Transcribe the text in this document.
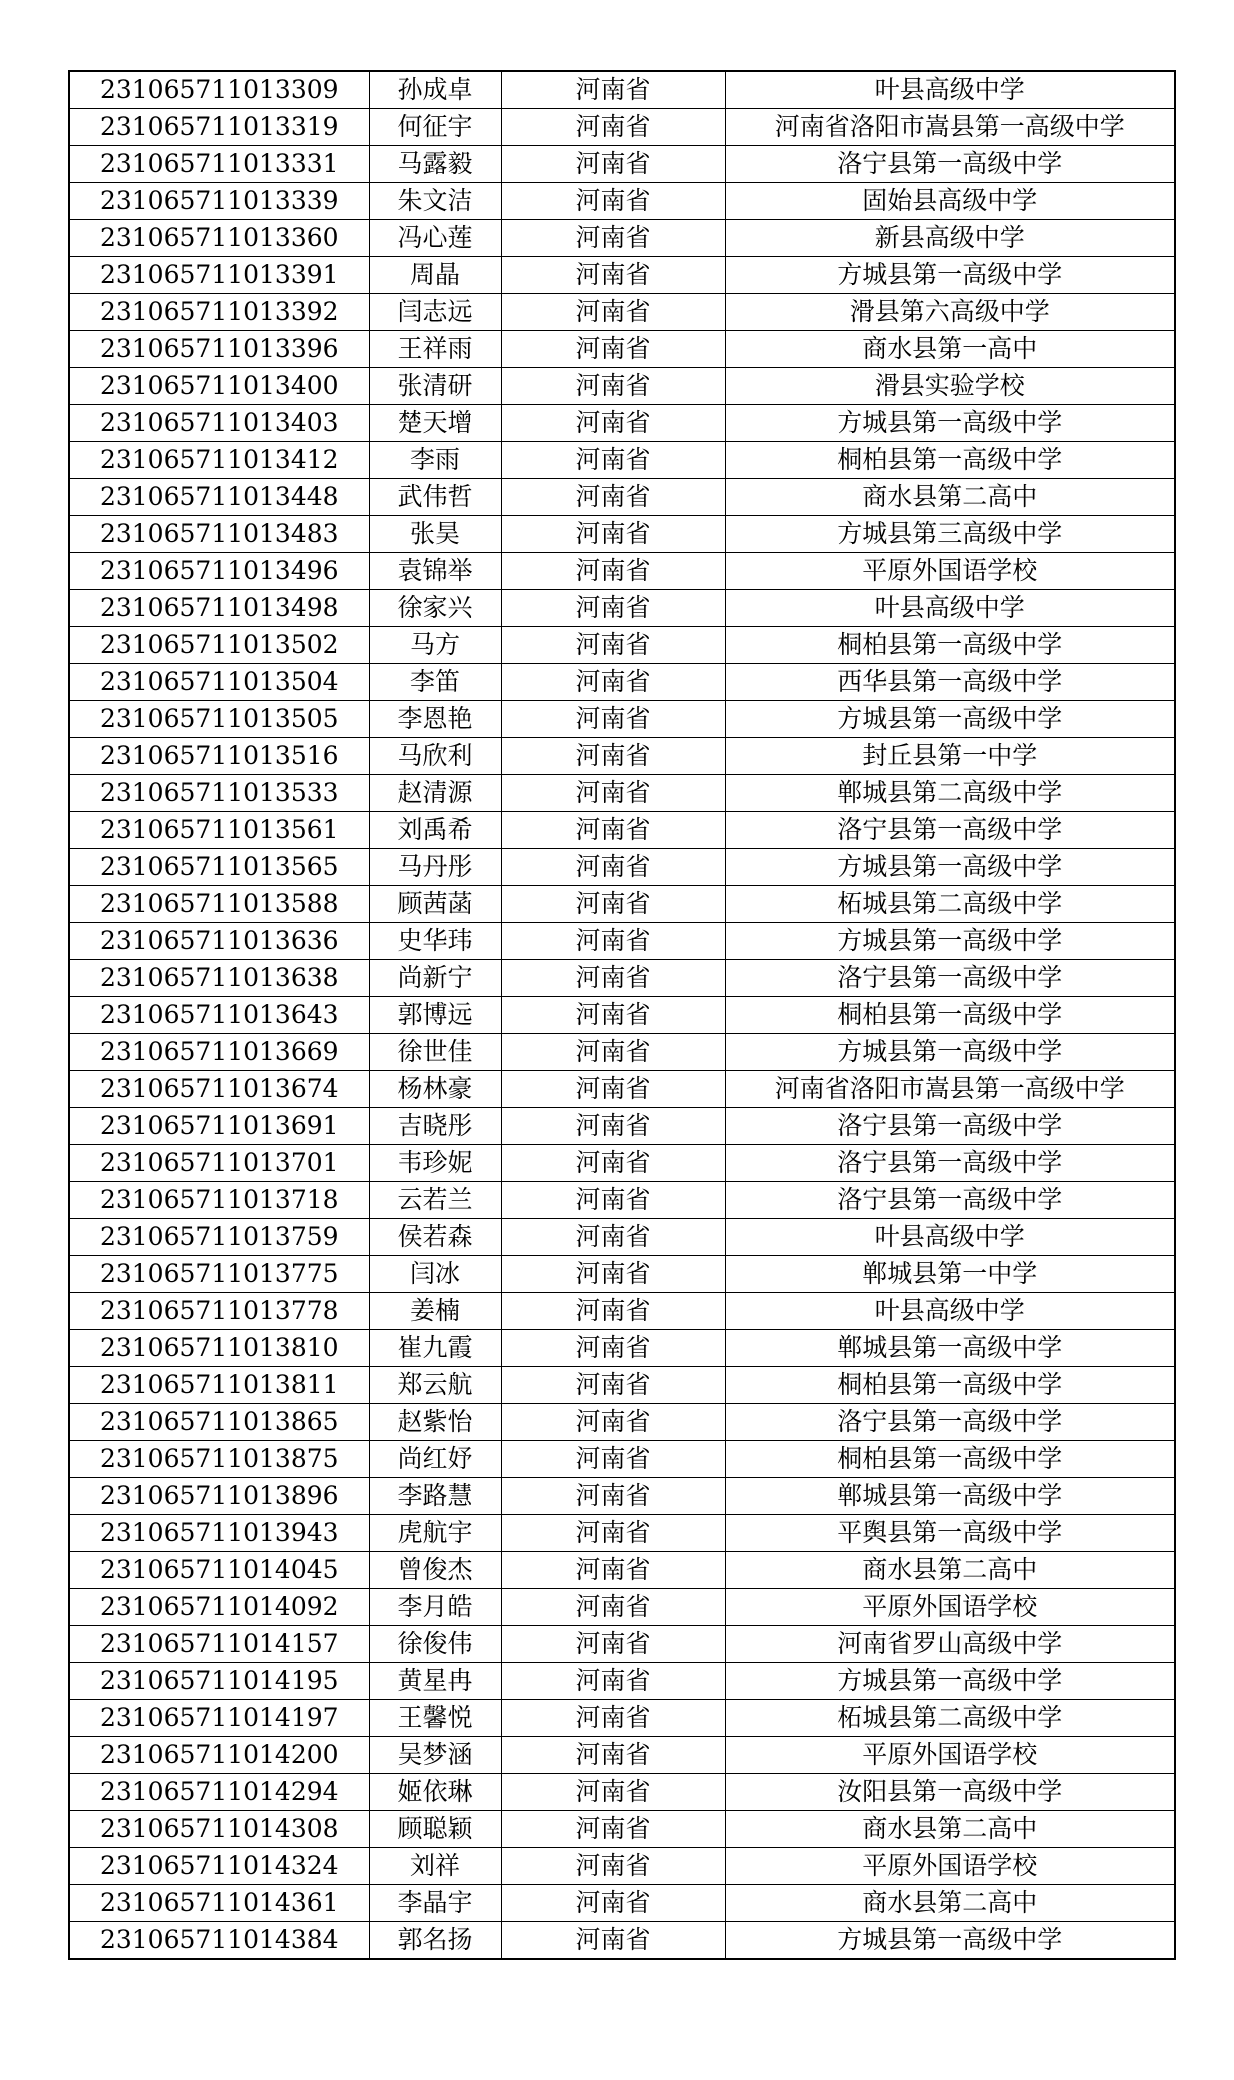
231065711013309	孙成卓	河南省	叶县高级中学
231065711013319	何征宇	河南省	河南省洛阳市嵩县第一高级中学
231065711013331	马露毅	河南省	洛宁县第一高级中学
231065711013339	朱文洁	河南省	固始县高级中学
231065711013360	冯心莲	河南省	新县高级中学
231065711013391	周晶	河南省	方城县第一高级中学
231065711013392	闫志远	河南省	滑县第六高级中学
231065711013396	王祥雨	河南省	商水县第一高中
231065711013400	张清研	河南省	滑县实验学校
231065711013403	楚天增	河南省	方城县第一高级中学
231065711013412	李雨	河南省	桐柏县第一高级中学
231065711013448	武伟哲	河南省	商水县第二高中
231065711013483	张昊	河南省	方城县第三高级中学
231065711013496	袁锦举	河南省	平原外国语学校
231065711013498	徐家兴	河南省	叶县高级中学
231065711013502	马方	河南省	桐柏县第一高级中学
231065711013504	李笛	河南省	西华县第一高级中学
231065711013505	李恩艳	河南省	方城县第一高级中学
231065711013516	马欣利	河南省	封丘县第一中学
231065711013533	赵清源	河南省	郸城县第二高级中学
231065711013561	刘禹希	河南省	洛宁县第一高级中学
231065711013565	马丹彤	河南省	方城县第一高级中学
231065711013588	顾茜菡	河南省	柘城县第二高级中学
231065711013636	史华玮	河南省	方城县第一高级中学
231065711013638	尚新宁	河南省	洛宁县第一高级中学
231065711013643	郭博远	河南省	桐柏县第一高级中学
231065711013669	徐世佳	河南省	方城县第一高级中学
231065711013674	杨林豪	河南省	河南省洛阳市嵩县第一高级中学
231065711013691	吉晓彤	河南省	洛宁县第一高级中学
231065711013701	韦珍妮	河南省	洛宁县第一高级中学
231065711013718	云若兰	河南省	洛宁县第一高级中学
231065711013759	侯若森	河南省	叶县高级中学
231065711013775	闫冰	河南省	郸城县第一中学
231065711013778	姜楠	河南省	叶县高级中学
231065711013810	崔九霞	河南省	郸城县第一高级中学
231065711013811	郑云航	河南省	桐柏县第一高级中学
231065711013865	赵紫怡	河南省	洛宁县第一高级中学
231065711013875	尚红妤	河南省	桐柏县第一高级中学
231065711013896	李路慧	河南省	郸城县第一高级中学
231065711013943	虎航宇	河南省	平舆县第一高级中学
231065711014045	曾俊杰	河南省	商水县第二高中
231065711014092	李月皓	河南省	平原外国语学校
231065711014157	徐俊伟	河南省	河南省罗山高级中学
231065711014195	黄星冉	河南省	方城县第一高级中学
231065711014197	王馨悦	河南省	柘城县第二高级中学
231065711014200	吴梦涵	河南省	平原外国语学校
231065711014294	姬依琳	河南省	汝阳县第一高级中学
231065711014308	顾聪颖	河南省	商水县第二高中
231065711014324	刘祥	河南省	平原外国语学校
231065711014361	李晶宇	河南省	商水县第二高中
231065711014384	郭名扬	河南省	方城县第一高级中学
